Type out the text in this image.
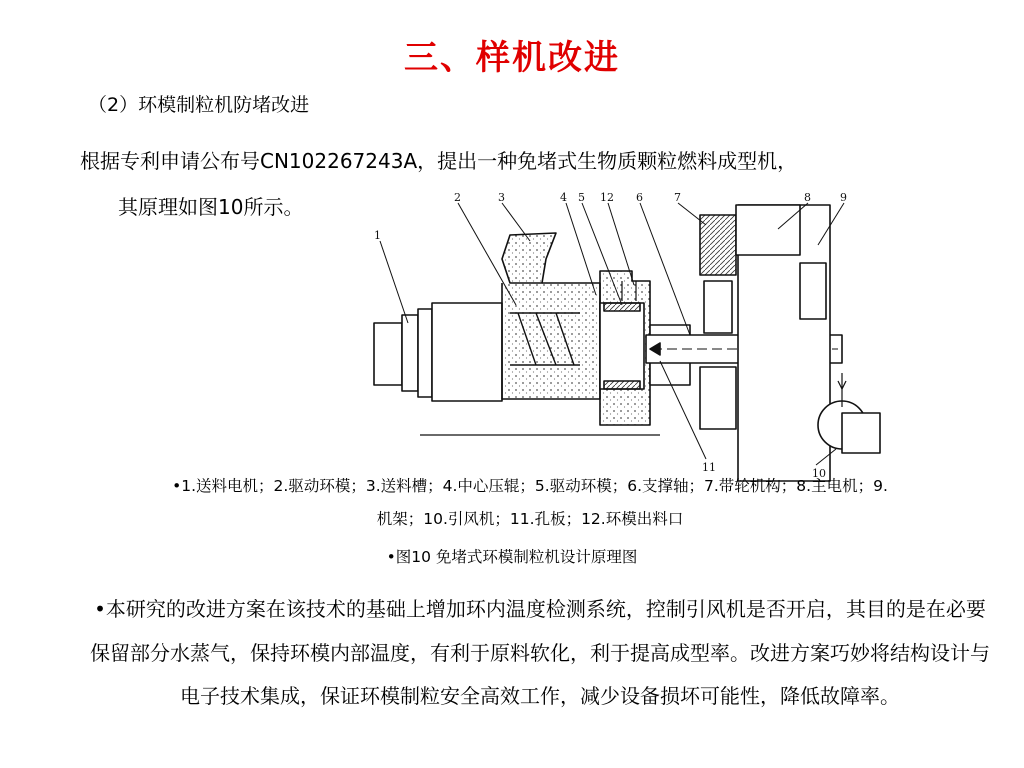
三、样机改进
（2）环模制粒机防堵改进
根据专利申请公布号CN102267243A，提出一种免堵式生物质颗粒燃料成型机，
其原理如图10所示。
1
2	3	4 5 12 6	7	8	9
11	10
•1.送料电机；2.驱动环模；3.送料槽；4.中心压辊；5.驱动环模；6.支撑轴；7.带轮机构；8.主电机；9.
机架；10.引风机；11.孔板；12.环模出料口
•图10 免堵式环模制粒机设计原理图
•本研究的改进方案在该技术的基础上增加环内温度检测系统，控制引风机是否开启，其目的是在必要保留部分水蒸气，保持环模内部温度，有利于原料软化，利于提高成型率。改进方案巧妙将结构设计与电子技术集成，保证环模制粒安全高效工作，减少设备损坏可能性，降低故障率。
